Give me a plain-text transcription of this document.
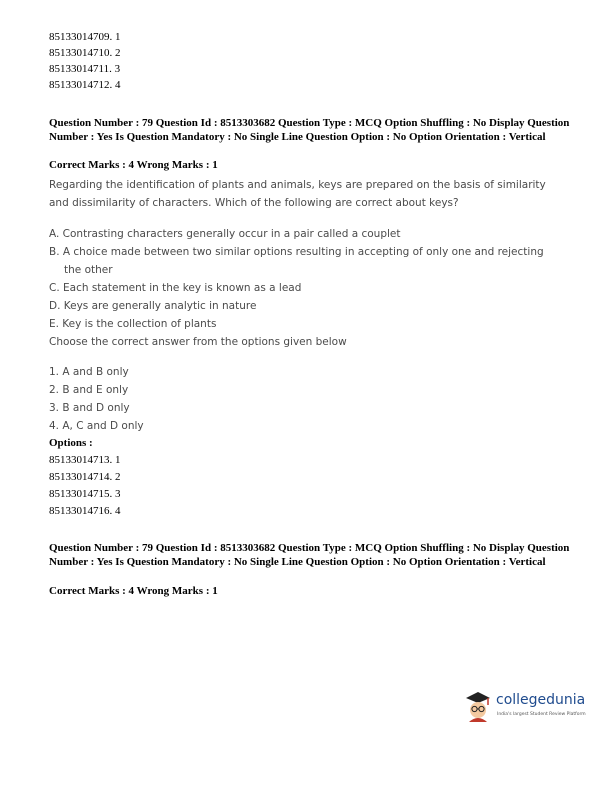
85133014709. 1
85133014710. 2
85133014711. 3
85133014712. 4
Question Number : 79 Question Id : 8513303682 Question Type : MCQ Option Shuffling : No Display Question Number : Yes Is Question Mandatory : No Single Line Question Option : No Option Orientation : Vertical
Correct Marks : 4 Wrong Marks : 1
Regarding the identification of plants and animals, keys are prepared on the basis of similarity
and dissimilarity of characters. Which of the following are correct about keys?
A. Contrasting characters generally occur in a pair called a couplet
B. A choice made between two similar options resulting in accepting of only one and rejecting
the other
C. Each statement in the key is known as a lead
D. Keys are generally analytic in nature
E. Key is the collection of plants
Choose the correct answer from the options given below
1. A and B only
2. B and E only
3. B and D only
4. A, C and D only
Options :
85133014713. 1
85133014714. 2
85133014715. 3
85133014716. 4
Question Number : 79 Question Id : 8513303682 Question Type : MCQ Option Shuffling : No Display Question Number : Yes Is Question Mandatory : No Single Line Question Option : No Option Orientation : Vertical
Correct Marks : 4 Wrong Marks : 1
collegedunia
India's largest Student Review Platform
